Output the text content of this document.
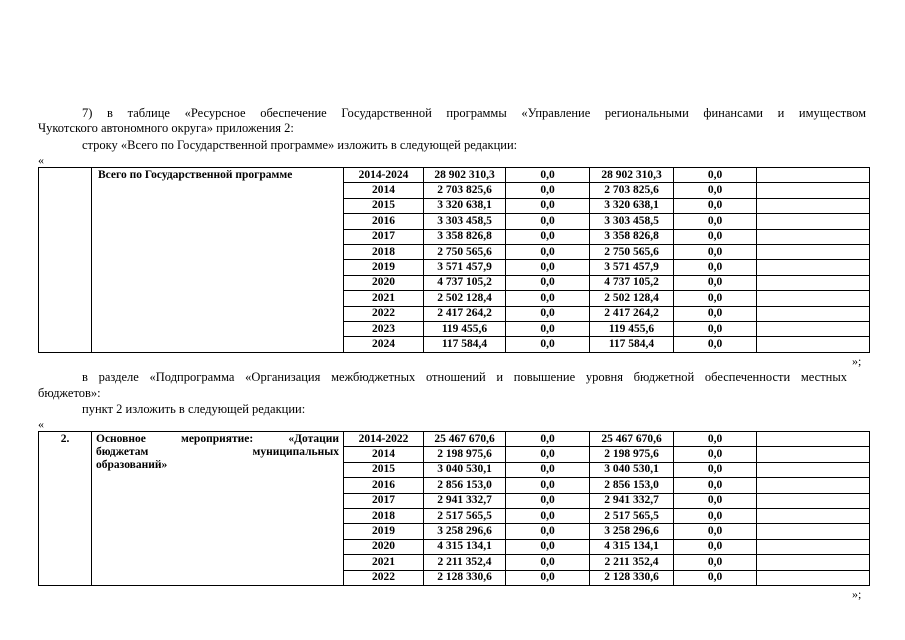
7) в таблице «Ресурсное обеспечение Государственной программы «Управление региональными финансами и имуществом
Чукотского автономного округа» приложения 2:
строку «Всего по Государственной программе» изложить в следующей редакции:
«
	Всего по Государственной программе	2014-2024	28 902 310,3	0,0	28 902 310,3	0,0	
		2014	2 703 825,6	0,0	2 703 825,6	0,0	
		2015	3 320 638,1	0,0	3 320 638,1	0,0	
		2016	3 303 458,5	0,0	3 303 458,5	0,0	
		2017	3 358 826,8	0,0	3 358 826,8	0,0	
		2018	2 750 565,6	0,0	2 750 565,6	0,0	
		2019	3 571 457,9	0,0	3 571 457,9	0,0	
		2020	4 737 105,2	0,0	4 737 105,2	0,0	
		2021	2 502 128,4	0,0	2 502 128,4	0,0	
		2022	2 417 264,2	0,0	2 417 264,2	0,0	
		2023	119 455,6	0,0	119 455,6	0,0	
		2024	117 584,4	0,0	117 584,4	0,0	
»;
в разделе «Подпрограмма «Организация межбюджетных отношений и повышение уровня бюджетной обеспеченности местных
бюджетов»:
пункт 2 изложить в следующей редакции:
«
2.	Основное мероприятие: «Дотации
бюджетам муниципальных
образований»	2014-2022	25 467 670,6	0,0	25 467 670,6	0,0	
		2014	2 198 975,6	0,0	2 198 975,6	0,0	
		2015	3 040 530,1	0,0	3 040 530,1	0,0	
		2016	2 856 153,0	0,0	2 856 153,0	0,0	
		2017	2 941 332,7	0,0	2 941 332,7	0,0	
		2018	2 517 565,5	0,0	2 517 565,5	0,0	
		2019	3 258 296,6	0,0	3 258 296,6	0,0	
		2020	4 315 134,1	0,0	4 315 134,1	0,0	
		2021	2 211 352,4	0,0	2 211 352,4	0,0	
		2022	2 128 330,6	0,0	2 128 330,6	0,0	
»;
